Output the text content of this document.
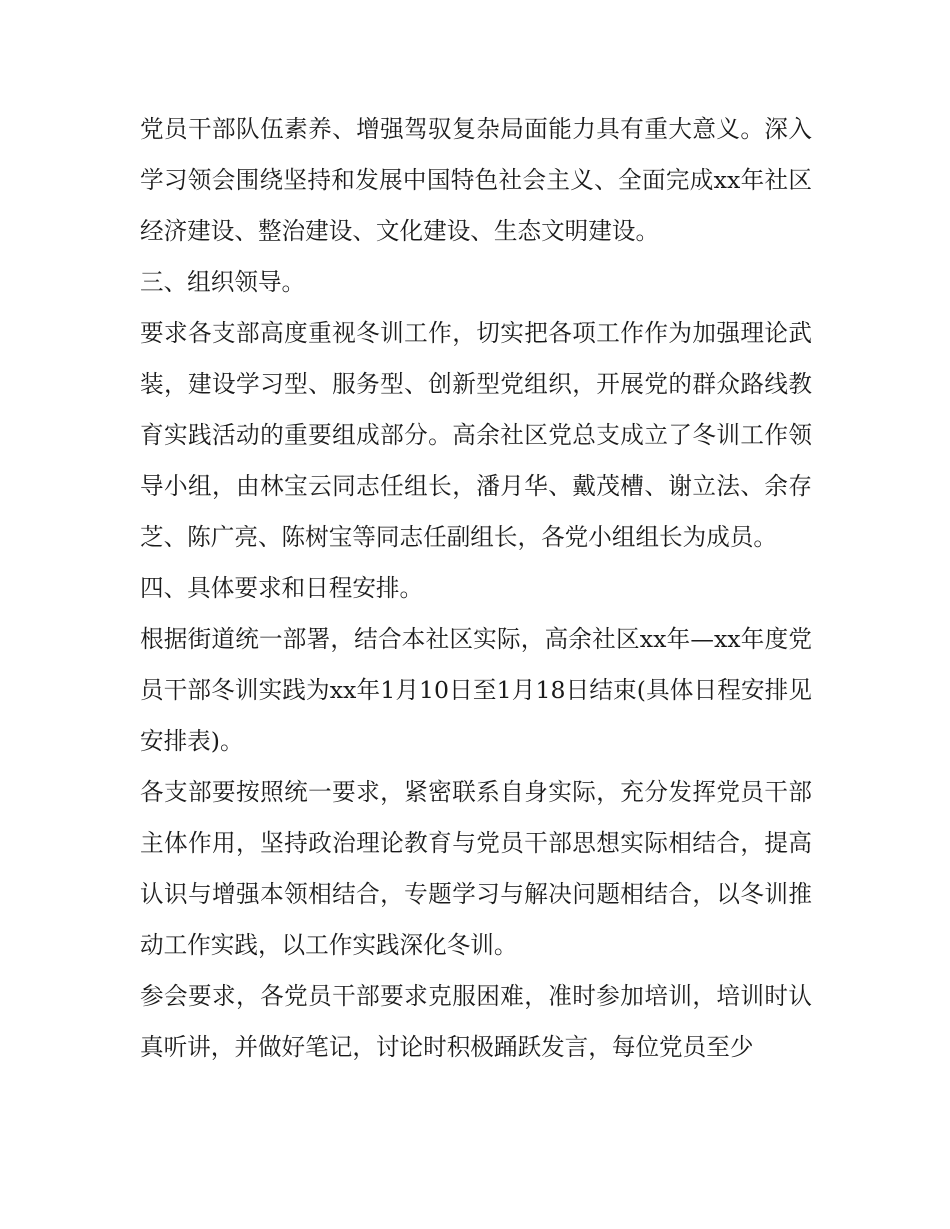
党员干部队伍素养、增强驾驭复杂局面能力具有重大意义。深入学习领会围绕坚持和发展中国特色社会主义、全面完成xx年社区经济建设、整治建设、文化建设、生态文明建设。

三、组织领导。

要求各支部高度重视冬训工作，切实把各项工作作为加强理论武装，建设学习型、服务型、创新型党组织，开展党的群众路线教育实践活动的重要组成部分。高余社区党总支成立了冬训工作领导小组，由林宝云同志任组长，潘月华、戴茂槽、谢立法、余存芝、陈广亮、陈树宝等同志任副组长，各党小组组长为成员。

四、具体要求和日程安排。

根据街道统一部署，结合本社区实际，高余社区xx年—xx年度党员干部冬训实践为xx年1月10日至1月18日结束(具体日程安排见安排表)。

各支部要按照统一要求，紧密联系自身实际，充分发挥党员干部主体作用，坚持政治理论教育与党员干部思想实际相结合，提高认识与增强本领相结合，专题学习与解决问题相结合，以冬训推动工作实践，以工作实践深化冬训。

参会要求，各党员干部要求克服困难，准时参加培训，培训时认真听讲，并做好笔记，讨论时积极踊跃发言，每位党员至少
